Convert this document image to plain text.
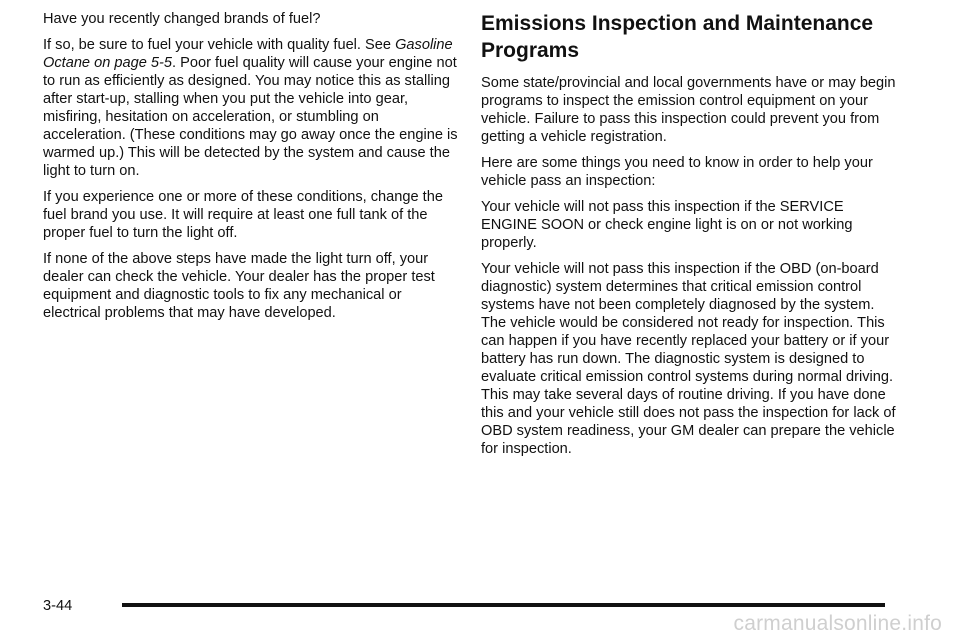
Have you recently changed brands of fuel?

If so, be sure to fuel your vehicle with quality fuel. See Gasoline Octane on page 5-5. Poor fuel quality will cause your engine not to run as efficiently as designed. You may notice this as stalling after start-up, stalling when you put the vehicle into gear, misfiring, hesitation on acceleration, or stumbling on acceleration. (These conditions may go away once the engine is warmed up.) This will be detected by the system and cause the light to turn on.

If you experience one or more of these conditions, change the fuel brand you use. It will require at least one full tank of the proper fuel to turn the light off.

If none of the above steps have made the light turn off, your dealer can check the vehicle. Your dealer has the proper test equipment and diagnostic tools to fix any mechanical or electrical problems that may have developed.

Emissions Inspection and Maintenance Programs

Some state/provincial and local governments have or may begin programs to inspect the emission control equipment on your vehicle. Failure to pass this inspection could prevent you from getting a vehicle registration.

Here are some things you need to know in order to help your vehicle pass an inspection:

Your vehicle will not pass this inspection if the SERVICE ENGINE SOON or check engine light is on or not working properly.

Your vehicle will not pass this inspection if the OBD (on-board diagnostic) system determines that critical emission control systems have not been completely diagnosed by the system. The vehicle would be considered not ready for inspection. This can happen if you have recently replaced your battery or if your battery has run down. The diagnostic system is designed to evaluate critical emission control systems during normal driving. This may take several days of routine driving. If you have done this and your vehicle still does not pass the inspection for lack of OBD system readiness, your GM dealer can prepare the vehicle for inspection.

3-44
carmanualsonline.info
